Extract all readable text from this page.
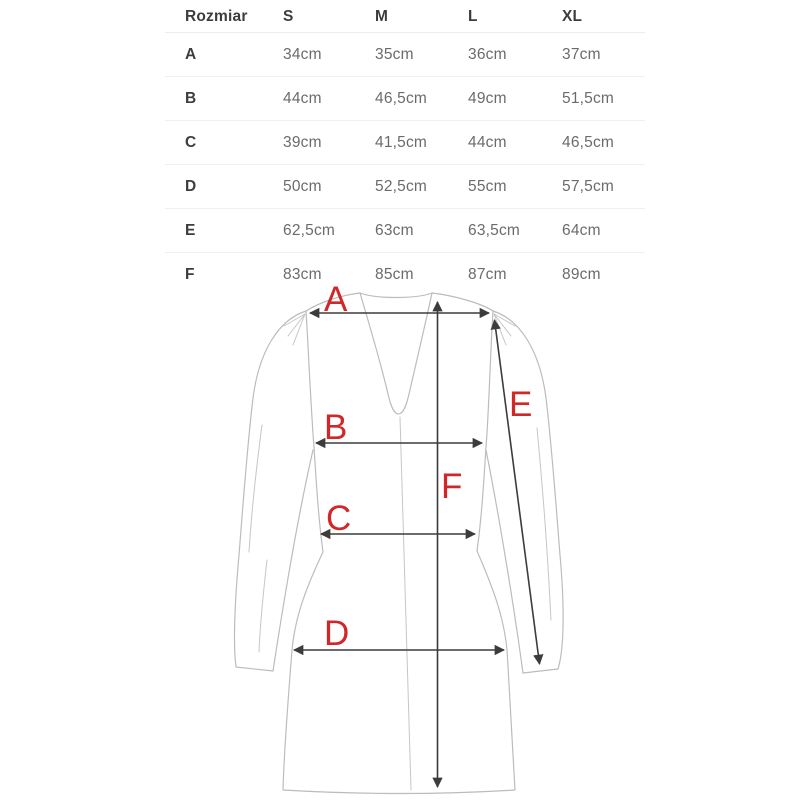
Rozmiar	S	M	L	XL
A	34cm	35cm	36cm	37cm
B	44cm	46,5cm	49cm	51,5cm
C	39cm	41,5cm	44cm	46,5cm
D	50cm	52,5cm	55cm	57,5cm
E	62,5cm	63cm	63,5cm	64cm
F	83cm	85cm	87cm	89cm
A
B
C
D
E
F
